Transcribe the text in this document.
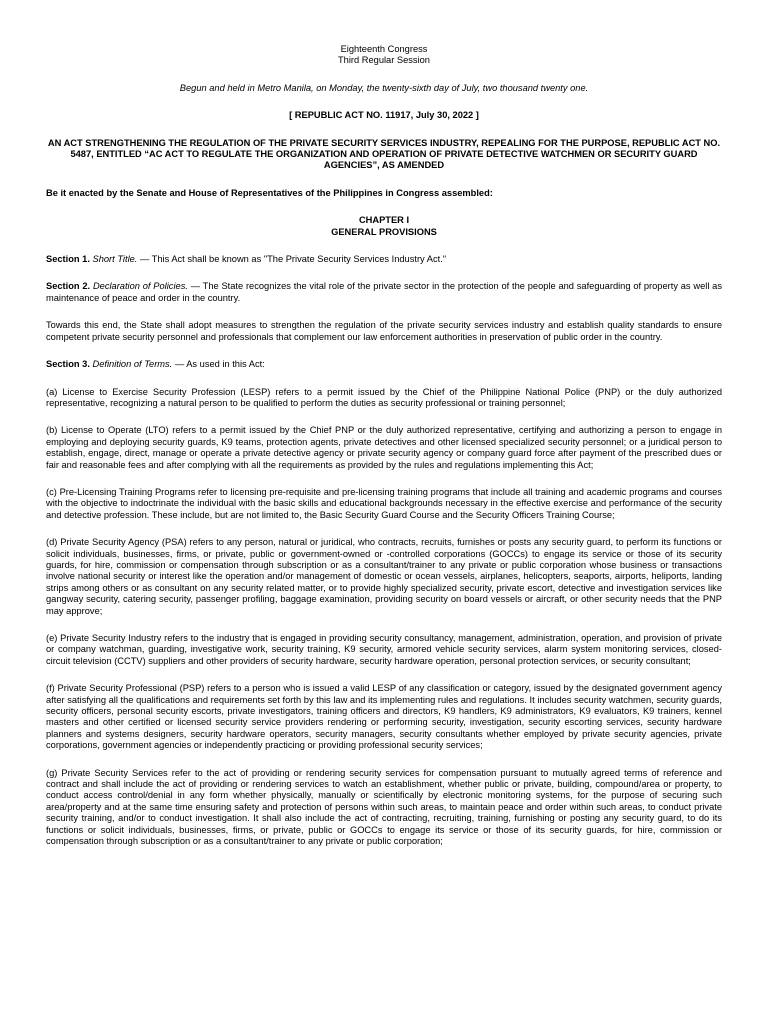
Eighteenth Congress

Third Regular Session

Begun and held in Metro Manila, on Monday, the twenty-sixth day of July, two thousand twenty one.

[ REPUBLIC ACT NO. 11917, July 30, 2022 ]

AN ACT STRENGTHENING THE REGULATION OF THE PRIVATE SECURITY SERVICES INDUSTRY, REPEALING FOR THE PURPOSE, REPUBLIC ACT NO. 5487, ENTITLED “AC ACT TO REGULATE THE ORGANIZATION AND OPERATION OF PRIVATE DETECTIVE WATCHMEN OR SECURITY GUARD AGENCIES”, AS AMENDED

Be it enacted by the Senate and House of Representatives of the Philippines in Congress assembled:

CHAPTER I

GENERAL PROVISIONS

Section 1. Short Title. — This Act shall be known as "The Private Security Services Industry Act."

Section 2. Declaration of Policies. — The State recognizes the vital role of the private sector in the protection of the people and safeguarding of property as well as maintenance of peace and order in the country.

Towards this end, the State shall adopt measures to strengthen the regulation of the private security services industry and establish quality standards to ensure competent private security personnel and professionals that complement our law enforcement authorities in preservation of public order in the country.

Section 3. Definition of Terms. — As used in this Act:

(a) License to Exercise Security Profession (LESP) refers to a permit issued by the Chief of the Philippine National Police (PNP) or the duly authorized representative, recognizing a natural person to be qualified to perform the duties as security professional or training personnel;

(b) License to Operate (LTO) refers to a permit issued by the Chief PNP or the duly authorized representative, certifying and authorizing a person to engage in employing and deploying security guards, K9 teams, protection agents, private detectives and other licensed specialized security personnel; or a juridical person to establish, engage, direct, manage or operate a private detective agency or private security agency or company guard force after payment of the prescribed dues or fair and reasonable fees and after complying with all the requirements as provided by the rules and regulations implementing this Act;

(c) Pre-Licensing Training Programs refer to licensing pre-requisite and pre-licensing training programs that include all training and academic programs and courses with the objective to indoctrinate the individual with the basic skills and educational backgrounds necessary in the effective exercise and performance of the security and detective profession. These include, but are not limited to, the Basic Security Guard Course and the Security Officers Training Course;

(d) Private Security Agency (PSA) refers to any person, natural or juridical, who contracts, recruits, furnishes or posts any security guard, to perform its functions or solicit individuals, businesses, firms, or private, public or government-owned or -controlled corporations (GOCCs) to engage its service or those of its security guards, for hire, commission or compensation through subscription or as a consultant/trainer to any private or public corporation whose business or transactions involve national security or interest like the operation and/or management of domestic or ocean vessels, airplanes, helicopters, seaports, airports, heliports, landing strips among others or as consultant on any security related matter, or to provide highly specialized security, private escort, detective and investigation services like gangway security, catering security, passenger profiling, baggage examination, providing security on board vessels or aircraft, or other security needs that the PNP may approve;

(e) Private Security Industry refers to the industry that is engaged in providing security consultancy, management, administration, operation, and provision of private or company watchman, guarding, investigative work, security training, K9 security, armored vehicle security services, alarm system monitoring services, closed-circuit television (CCTV) suppliers and other providers of security hardware, security hardware operation, personal protection services, or security consultant;

(f) Private Security Professional (PSP) refers to a person who is issued a valid LESP of any classification or category, issued by the designated government agency after satisfying all the qualifications and requirements set forth by this law and its implementing rules and regulations. It includes security watchmen, security guards, security officers, personal security escorts, private investigators, training officers and directors, K9 handlers, K9 administrators, K9 evaluators, K9 trainers, kennel masters and other certified or licensed security service providers rendering or performing security, investigation, security escorting services, security hardware planners and systems designers, security hardware operators, security managers, security consultants whether employed by private security agencies, private corporations, government agencies or independently practicing or providing professional security services;

(g) Private Security Services refer to the act of providing or rendering security services for compensation pursuant to mutually agreed terms of reference and contract and shall include the act of providing or rendering services to watch an establishment, whether public or private, building, compound/area or property, to conduct access control/denial in any form whether physically, manually or scientifically by electronic monitoring systems, for the purpose of securing such area/property and at the same time ensuring safety and protection of persons within such areas, to maintain peace and order within such areas, to conduct private security training, and/or to conduct investigation. It shall also include the act of contracting, recruiting, training, furnishing or posting any security guard, to do its functions or solicit individuals, businesses, firms, or private, public or GOCCs to engage its service or those of its security guards, for hire, commission or compensation through subscription or as a consultant/trainer to any private or public corporation;
